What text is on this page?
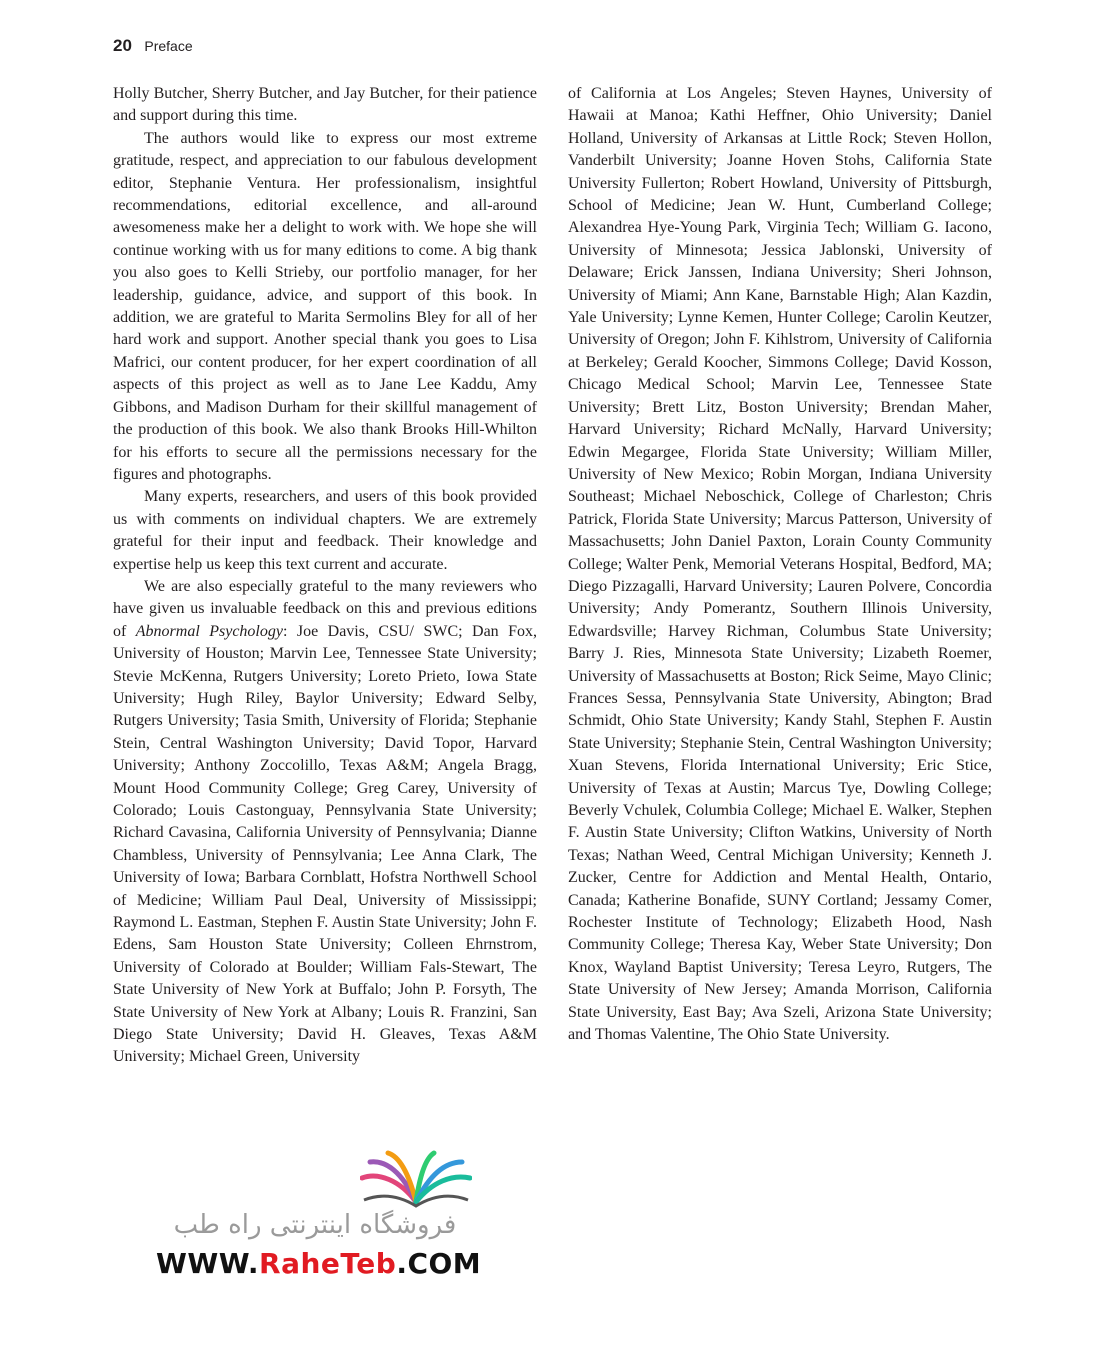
20 Preface

Holly Butcher, Sherry Butcher, and Jay Butcher, for their patience and support during this time.

The authors would like to express our most extreme gratitude, respect, and appreciation to our fabulous development editor, Stephanie Ventura. Her professionalism, insightful recommendations, editorial excellence, and all-around awesomeness make her a delight to work with. We hope she will continue working with us for many editions to come. A big thank you also goes to Kelli Strieby, our portfolio manager, for her leadership, guidance, advice, and support of this book. In addition, we are grateful to Marita Sermolins Bley for all of her hard work and support. Another special thank you goes to Lisa Mafrici, our content producer, for her expert coordination of all aspects of this project as well as to Jane Lee Kaddu, Amy Gibbons, and Madison Durham for their skillful management of the production of this book. We also thank Brooks Hill-Whilton for his efforts to secure all the permissions necessary for the figures and photographs.

Many experts, researchers, and users of this book provided us with comments on individual chapters. We are extremely grateful for their input and feedback. Their knowledge and expertise help us keep this text current and accurate.

We are also especially grateful to the many reviewers who have given us invaluable feedback on this and previous editions of Abnormal Psychology: Joe Davis, CSU/ SWC; Dan Fox, University of Houston; Marvin Lee, Tennessee State University; Stevie McKenna, Rutgers University; Loreto Prieto, Iowa State University; Hugh Riley, Baylor University; Edward Selby, Rutgers University; Tasia Smith, University of Florida; Stephanie Stein, Central Washington University; David Topor, Harvard University; Anthony Zoccolillo, Texas A&M; Angela Bragg, Mount Hood Community College; Greg Carey, University of Colorado; Louis Castonguay, Pennsylvania State University; Richard Cavasina, California University of Pennsylvania; Dianne Chambless, University of Pennsylvania; Lee Anna Clark, The University of Iowa; Barbara Cornblatt, Hofstra Northwell School of Medicine; William Paul Deal, University of Mississippi; Raymond L. Eastman, Stephen F. Austin State University; John F. Edens, Sam Houston State University; Colleen Ehrnstrom, University of Colorado at Boulder; William Fals-Stewart, The State University of New York at Buffalo; John P. Forsyth, The State University of New York at Albany; Louis R. Franzini, San Diego State University; David H. Gleaves, Texas A&M University; Michael Green, University

of California at Los Angeles; Steven Haynes, University of Hawaii at Manoa; Kathi Heffner, Ohio University; Daniel Holland, University of Arkansas at Little Rock; Steven Hollon, Vanderbilt University; Joanne Hoven Stohs, California State University Fullerton; Robert Howland, University of Pittsburgh, School of Medicine; Jean W. Hunt, Cumberland College; Alexandrea Hye-Young Park, Virginia Tech; William G. Iacono, University of Minnesota; Jessica Jablonski, University of Delaware; Erick Janssen, Indiana University; Sheri Johnson, University of Miami; Ann Kane, Barnstable High; Alan Kazdin, Yale University; Lynne Kemen, Hunter College; Carolin Keutzer, University of Oregon; John F. Kihlstrom, University of California at Berkeley; Gerald Koocher, Simmons College; David Kosson, Chicago Medical School; Marvin Lee, Tennessee State University; Brett Litz, Boston University; Brendan Maher, Harvard University; Richard McNally, Harvard University; Edwin Megargee, Florida State University; William Miller, University of New Mexico; Robin Morgan, Indiana University Southeast; Michael Neboschick, College of Charleston; Chris Patrick, Florida State University; Marcus Patterson, University of Massachusetts; John Daniel Paxton, Lorain County Community College; Walter Penk, Memorial Veterans Hospital, Bedford, MA; Diego Pizzagalli, Harvard University; Lauren Polvere, Concordia University; Andy Pomerantz, Southern Illinois University, Edwardsville; Harvey Richman, Columbus State University; Barry J. Ries, Minnesota State University; Lizabeth Roemer, University of Massachusetts at Boston; Rick Seime, Mayo Clinic; Frances Sessa, Pennsylvania State University, Abington; Brad Schmidt, Ohio State University; Kandy Stahl, Stephen F. Austin State University; Stephanie Stein, Central Washington University; Xuan Stevens, Florida International University; Eric Stice, University of Texas at Austin; Marcus Tye, Dowling College; Beverly Vchulek, Columbia College; Michael E. Walker, Stephen F. Austin State University; Clifton Watkins, University of North Texas; Nathan Weed, Central Michigan University; Kenneth J. Zucker, Centre for Addiction and Mental Health, Ontario, Canada; Katherine Bonafide, SUNY Cortland; Jessamy Comer, Rochester Institute of Technology; Elizabeth Hood, Nash Community College; Theresa Kay, Weber State University; Don Knox, Wayland Baptist University; Teresa Leyro, Rutgers, The State University of New Jersey; Amanda Morrison, California State University, East Bay; Ava Szeli, Arizona State University; and Thomas Valentine, The Ohio State University.

فروشگاه اینترنتی راه طب
WWW.RaheTeb.COM
